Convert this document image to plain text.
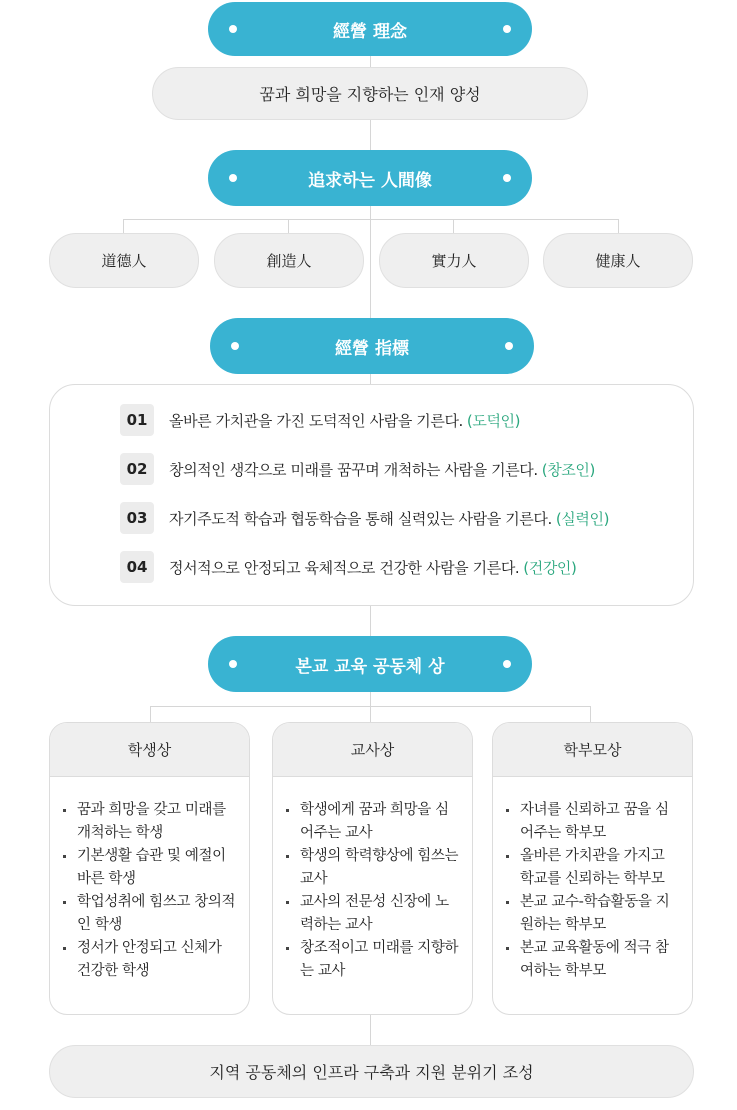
經營 理念
꿈과 희망을 지향하는 인재 양성
追求하는 人間像
道德人	創造人	實力人	健康人
經營 指標
01	올바른 가치관을 가진 도덕적인 사람을 기른다. (도덕인)
02	창의적인 생각으로 미래를 꿈꾸며 개척하는 사람을 기른다. (창조인)
03	자기주도적 학습과 협동학습을 통해 실력있는 사람을 기른다. (실력인)
04	정서적으로 안정되고 육체적으로 건강한 사람을 기른다. (건강인)
본교 교육 공동체 상
학생상
꿈과 희망을 갖고 미래를 개척하는 학생
기본생활 습관 및 예절이 바른 학생
학업성취에 힘쓰고 창의적인 학생
정서가 안정되고 신체가 건강한 학생
교사상
학생에게 꿈과 희망을 심어주는 교사
학생의 학력향상에 힘쓰는 교사
교사의 전문성 신장에 노력하는 교사
창조적이고 미래를 지향하는 교사
학부모상
자녀를 신뢰하고 꿈을 심어주는 학부모
올바른 가치관을 가지고 학교를 신뢰하는 학부모
본교 교수-학습활동을 지원하는 학부모
본교 교육활동에 적극 참여하는 학부모
지역 공동체의 인프라 구축과 지원 분위기 조성
